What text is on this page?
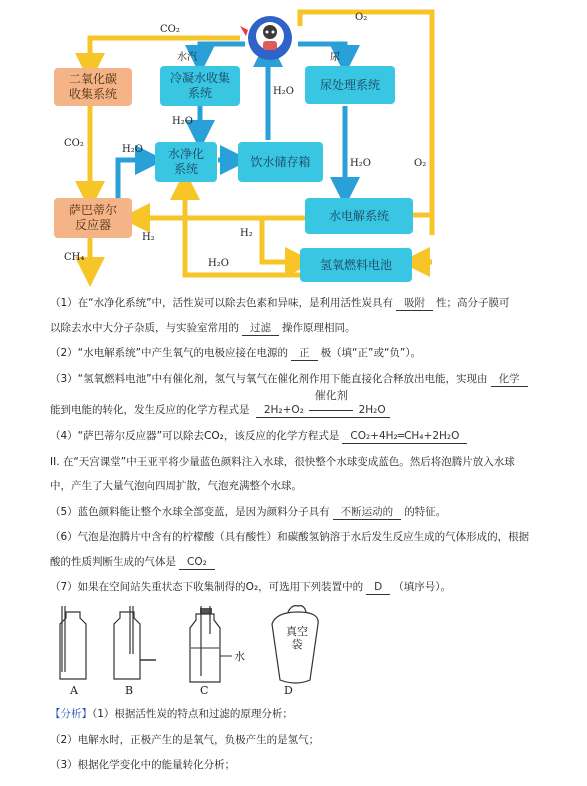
二氧化碳
收集系统
冷凝水收集
系统
尿处理系统
水净化
系统
饮水储存箱
萨巴蒂尔
反应器
水电解系统
氢氧燃料电池
CO₂
O₂
水汽	尿
H₂O
H₂O
H₂O
H₂O
CO₂
O₂
H₂	H₂
H₂O
CH₄
（1）在“水净化系统”中，活性炭可以除去色素和异味，是利用活性炭具有 吸附 性；高分子膜可
以除去水中大分子杂质，与实验室常用的 过滤 操作原理相同。
（2）“水电解系统”中产生氧气的电极应接在电源的 正 极（填“正”或“负”）。
（3）“氢氧燃料电池”中有催化剂，氢气与氧气在催化剂作用下能直接化合释放出电能，实现由 化学
能到电能的转化，发生反应的化学方程式是 2H₂+O₂
催化剂
2H₂O
（4）“萨巴蒂尔反应器”可以除去CO₂，该反应的化学方程式是 CO₂+4H₂═CH₄+2H₂O
II. 在“天宫课堂”中王亚平将少量蓝色颜料注入水球，很快整个水球变成蓝色。然后将泡腾片放入水球
中，产生了大量气泡向四周扩散，气泡充满整个水球。
（5）蓝色颜料能让整个水球全部变蓝，是因为颜料分子具有 不断运动的 的特征。
（6）气泡是泡腾片中含有的柠檬酸（具有酸性）和碳酸氢钠溶于水后发生反应生成的气体形成的，根据
酸的性质判断生成的气体是 CO₂
（7）如果在空间站失重状态下收集制得的O₂，可选用下列装置中的 D （填序号）。
水
真空袋
A	B	C	D
【分析】（1）根据活性炭的特点和过滤的原理分析；
（2）电解水时，正极产生的是氧气，负极产生的是氢气；
（3）根据化学变化中的能量转化分析；
